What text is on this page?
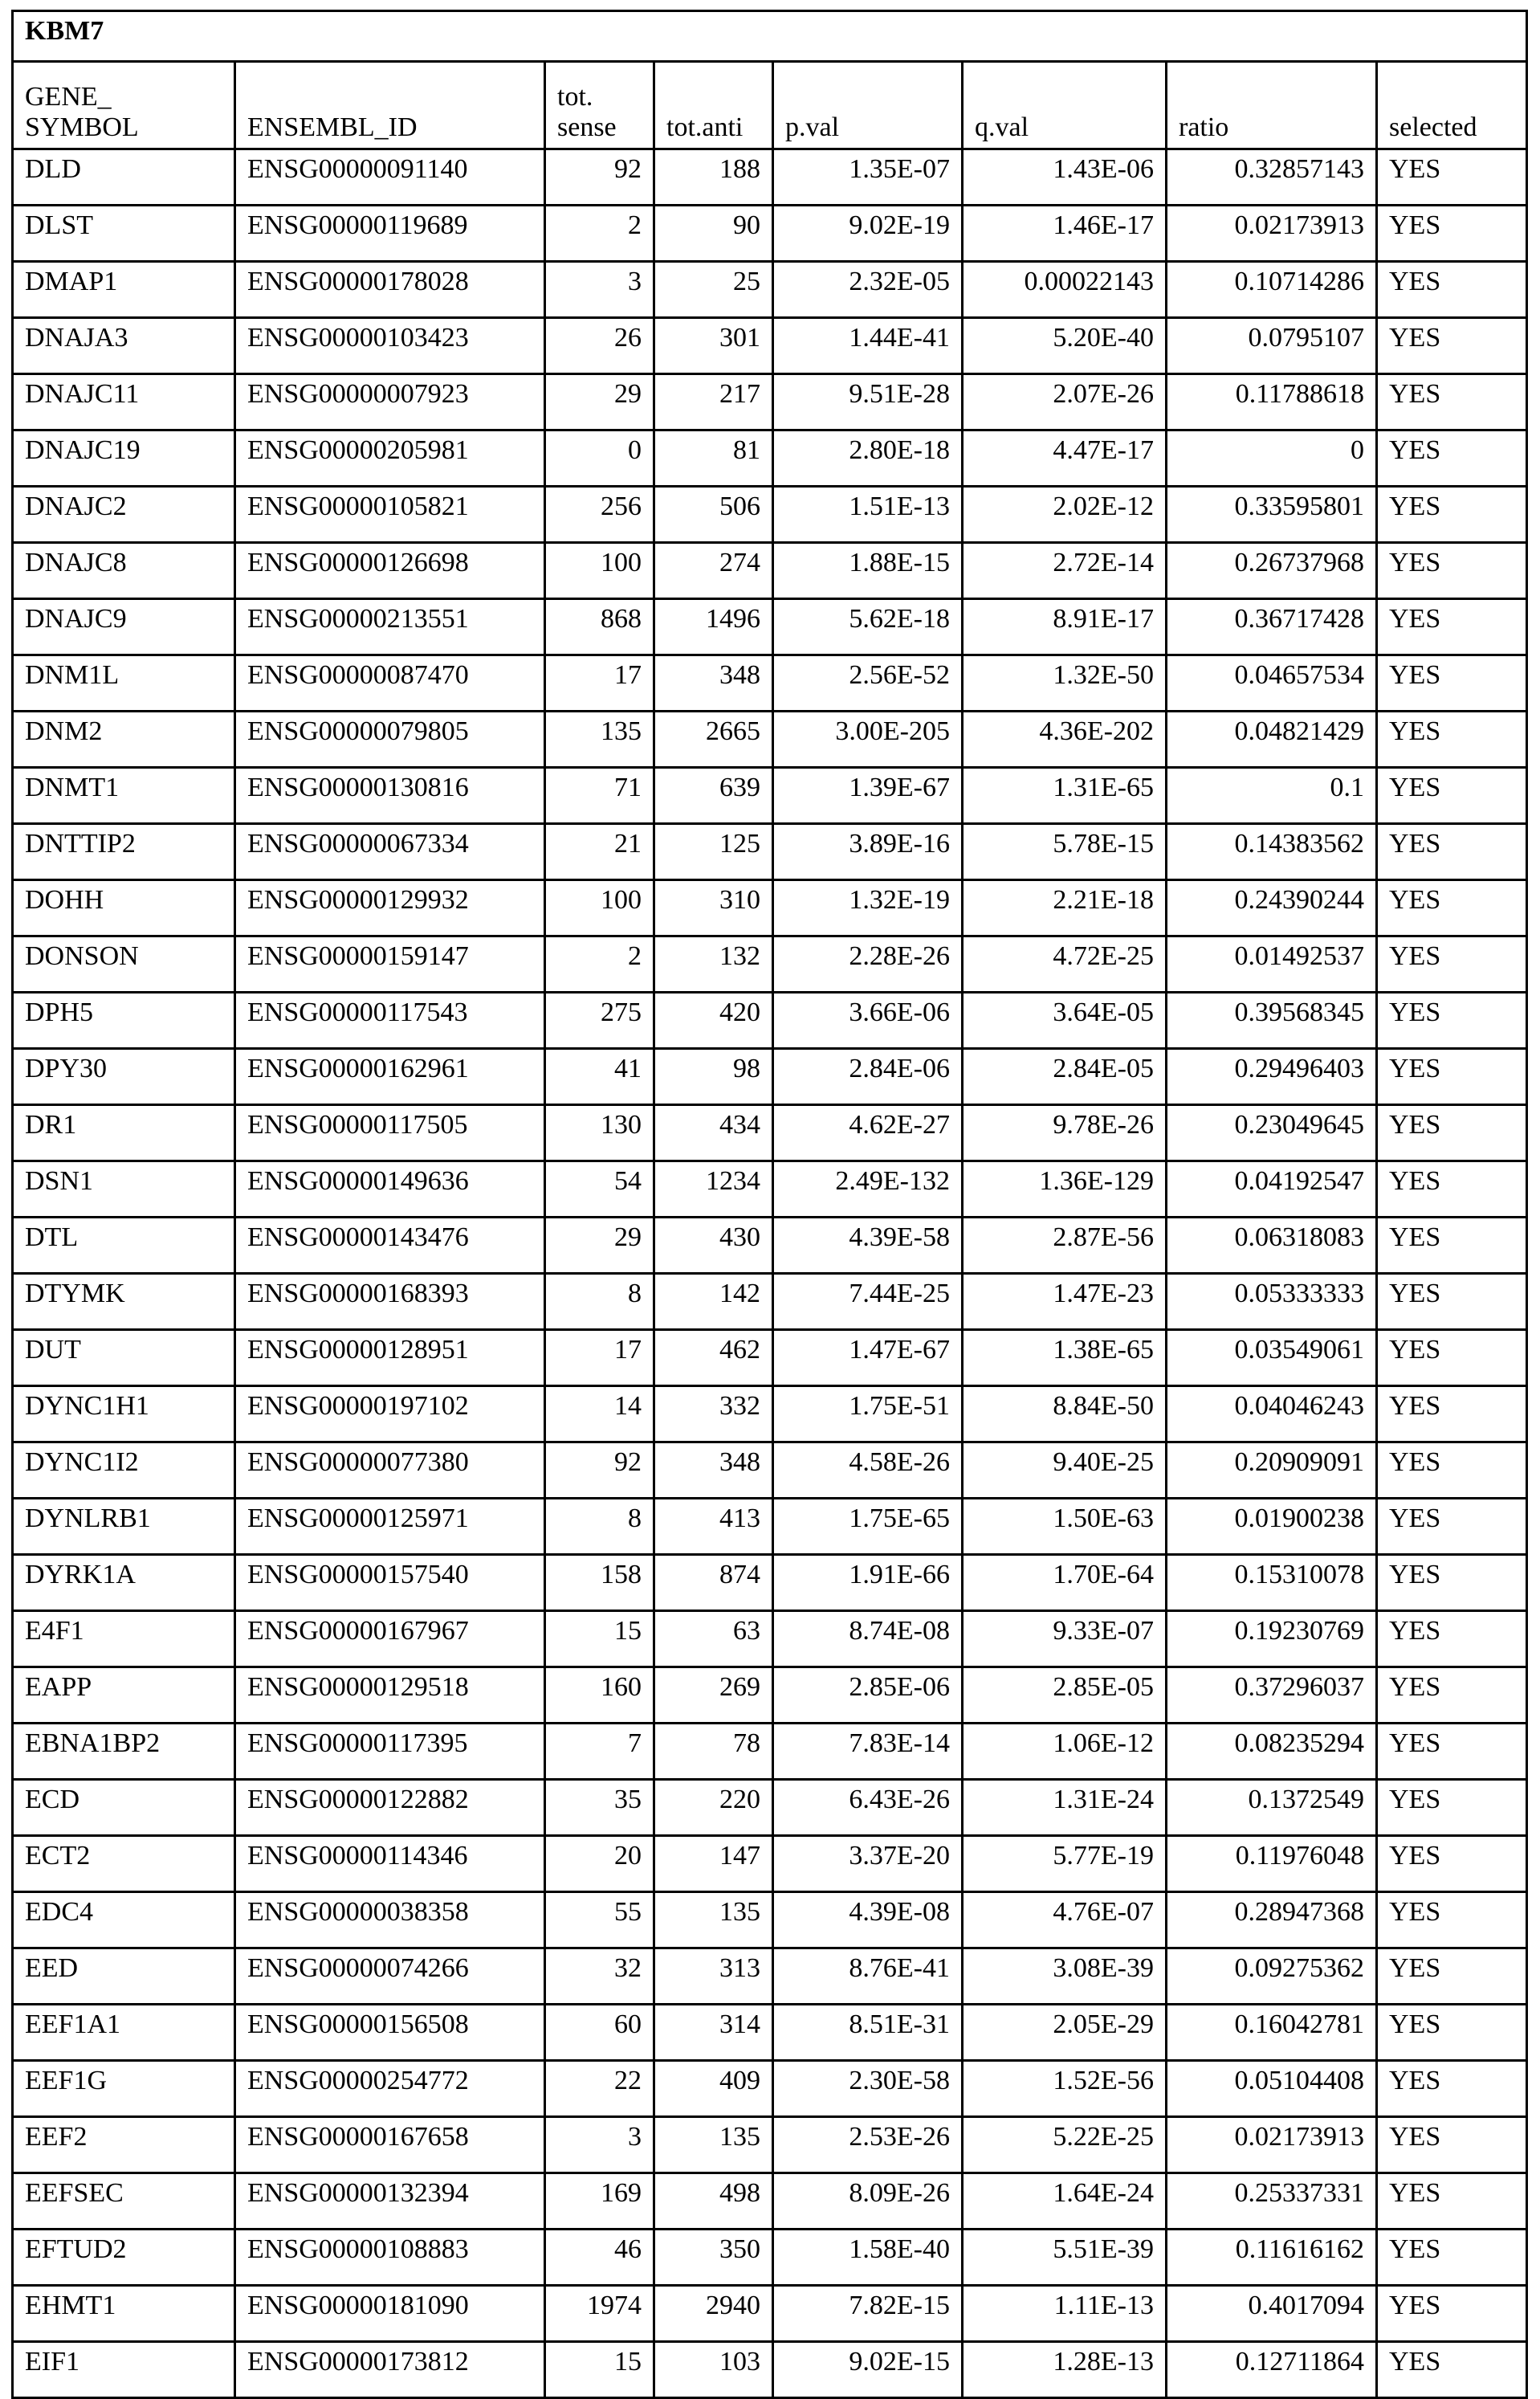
KBM7
GENE_ SYMBOL	ENSEMBL_ID	tot. sense	tot.anti	p.val	q.val	ratio	selected
DLD	ENSG00000091140	92	188	1.35E-07	1.43E-06	0.32857143	YES
DLST	ENSG00000119689	2	90	9.02E-19	1.46E-17	0.02173913	YES
DMAP1	ENSG00000178028	3	25	2.32E-05	0.00022143	0.10714286	YES
DNAJA3	ENSG00000103423	26	301	1.44E-41	5.20E-40	0.0795107	YES
DNAJC11	ENSG00000007923	29	217	9.51E-28	2.07E-26	0.11788618	YES
DNAJC19	ENSG00000205981	0	81	2.80E-18	4.47E-17	0	YES
DNAJC2	ENSG00000105821	256	506	1.51E-13	2.02E-12	0.33595801	YES
DNAJC8	ENSG00000126698	100	274	1.88E-15	2.72E-14	0.26737968	YES
DNAJC9	ENSG00000213551	868	1496	5.62E-18	8.91E-17	0.36717428	YES
DNM1L	ENSG00000087470	17	348	2.56E-52	1.32E-50	0.04657534	YES
DNM2	ENSG00000079805	135	2665	3.00E-205	4.36E-202	0.04821429	YES
DNMT1	ENSG00000130816	71	639	1.39E-67	1.31E-65	0.1	YES
DNTTIP2	ENSG00000067334	21	125	3.89E-16	5.78E-15	0.14383562	YES
DOHH	ENSG00000129932	100	310	1.32E-19	2.21E-18	0.24390244	YES
DONSON	ENSG00000159147	2	132	2.28E-26	4.72E-25	0.01492537	YES
DPH5	ENSG00000117543	275	420	3.66E-06	3.64E-05	0.39568345	YES
DPY30	ENSG00000162961	41	98	2.84E-06	2.84E-05	0.29496403	YES
DR1	ENSG00000117505	130	434	4.62E-27	9.78E-26	0.23049645	YES
DSN1	ENSG00000149636	54	1234	2.49E-132	1.36E-129	0.04192547	YES
DTL	ENSG00000143476	29	430	4.39E-58	2.87E-56	0.06318083	YES
DTYMK	ENSG00000168393	8	142	7.44E-25	1.47E-23	0.05333333	YES
DUT	ENSG00000128951	17	462	1.47E-67	1.38E-65	0.03549061	YES
DYNC1H1	ENSG00000197102	14	332	1.75E-51	8.84E-50	0.04046243	YES
DYNC1I2	ENSG00000077380	92	348	4.58E-26	9.40E-25	0.20909091	YES
DYNLRB1	ENSG00000125971	8	413	1.75E-65	1.50E-63	0.01900238	YES
DYRK1A	ENSG00000157540	158	874	1.91E-66	1.70E-64	0.15310078	YES
E4F1	ENSG00000167967	15	63	8.74E-08	9.33E-07	0.19230769	YES
EAPP	ENSG00000129518	160	269	2.85E-06	2.85E-05	0.37296037	YES
EBNA1BP2	ENSG00000117395	7	78	7.83E-14	1.06E-12	0.08235294	YES
ECD	ENSG00000122882	35	220	6.43E-26	1.31E-24	0.1372549	YES
ECT2	ENSG00000114346	20	147	3.37E-20	5.77E-19	0.11976048	YES
EDC4	ENSG00000038358	55	135	4.39E-08	4.76E-07	0.28947368	YES
EED	ENSG00000074266	32	313	8.76E-41	3.08E-39	0.09275362	YES
EEF1A1	ENSG00000156508	60	314	8.51E-31	2.05E-29	0.16042781	YES
EEF1G	ENSG00000254772	22	409	2.30E-58	1.52E-56	0.05104408	YES
EEF2	ENSG00000167658	3	135	2.53E-26	5.22E-25	0.02173913	YES
EEFSEC	ENSG00000132394	169	498	8.09E-26	1.64E-24	0.25337331	YES
EFTUD2	ENSG00000108883	46	350	1.58E-40	5.51E-39	0.11616162	YES
EHMT1	ENSG00000181090	1974	2940	7.82E-15	1.11E-13	0.4017094	YES
EIF1	ENSG00000173812	15	103	9.02E-15	1.28E-13	0.12711864	YES
